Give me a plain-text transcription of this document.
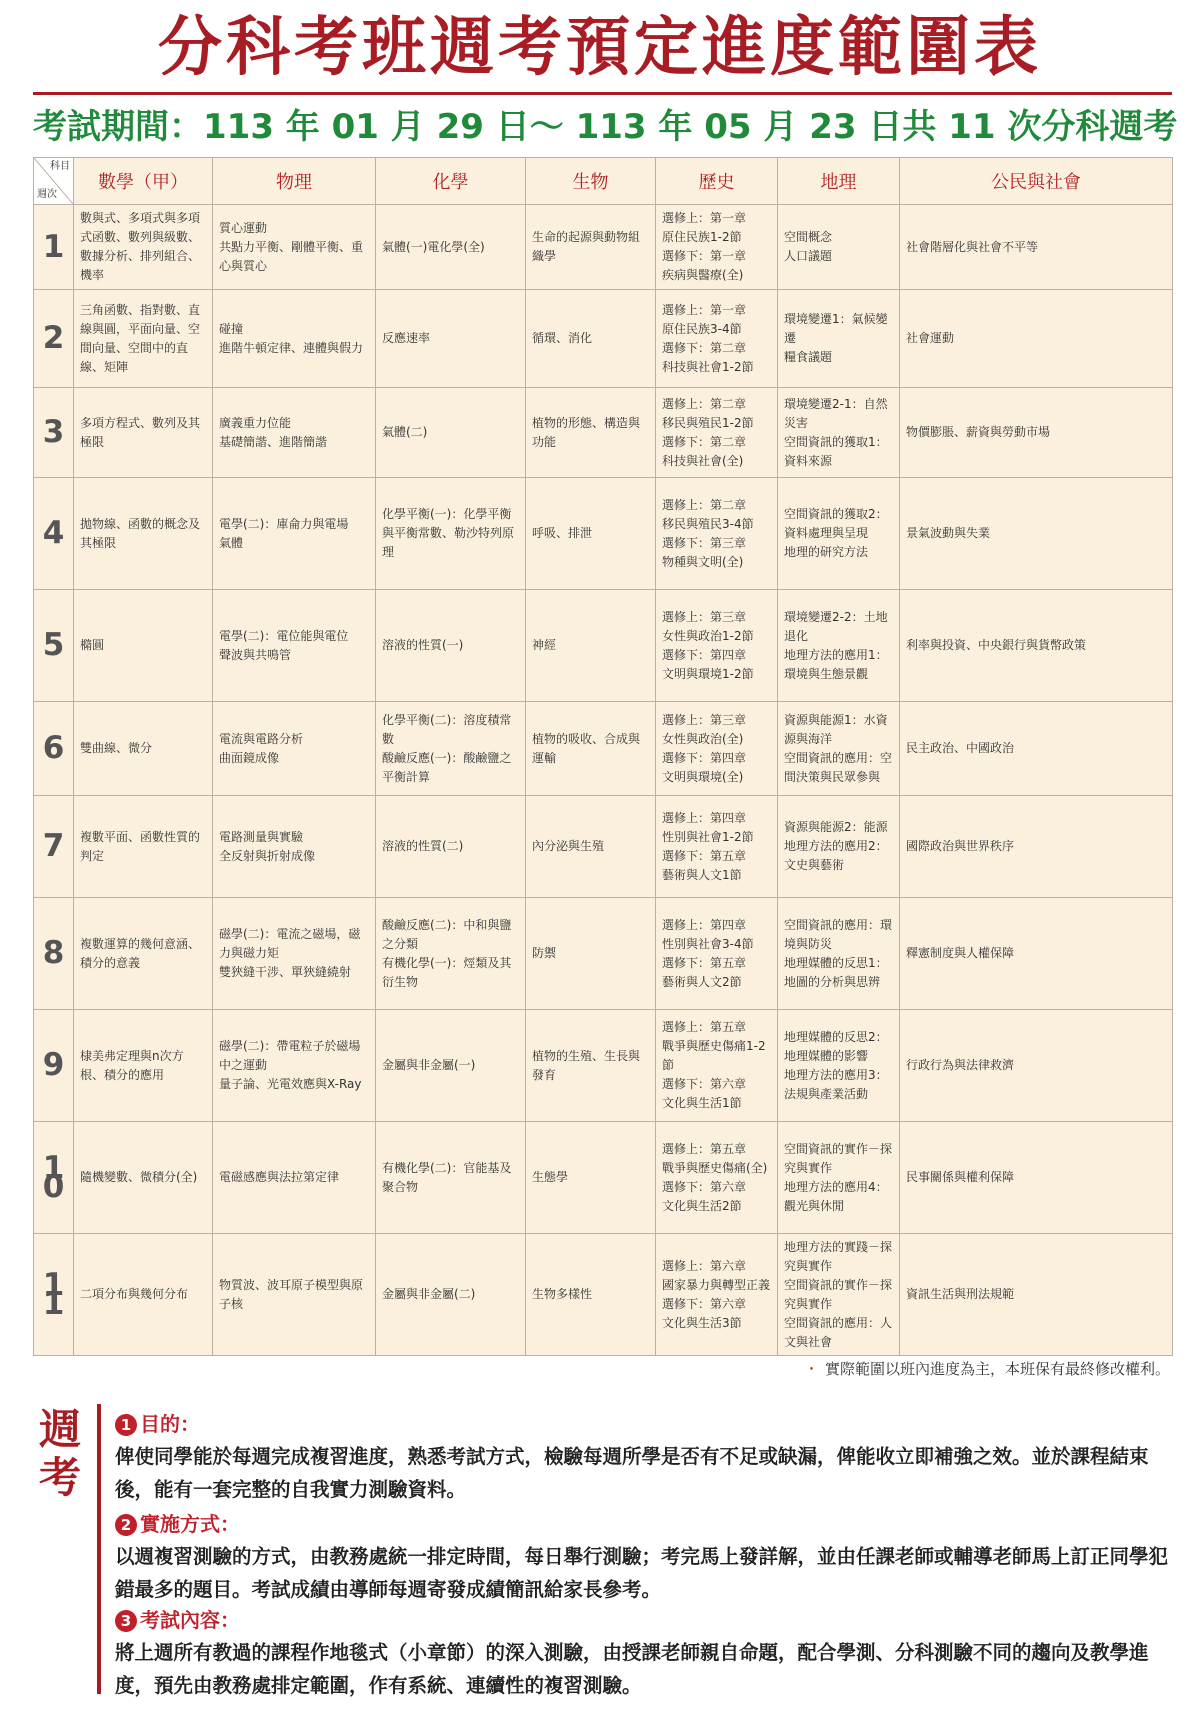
分科考班週考預定進度範圍表
考試期間：113 年 01 月 29 日～ 113 年 05 月 23 日共 11 次分科週考
科目
週次	數學（甲）	物理	化學	生物	歷史	地理	公民與社會
1	數與式、多項式與多項式函數、數列與級數、數據分析、排列組合、機率	質心運動
共點力平衡、剛體平衡、重心與質心	氣體(一)電化學(全)	生命的起源與動物組織學	選修上：第一章
原住民族1-2節
選修下：第一章
疾病與醫療(全)	空間概念
人口議題	社會階層化與社會不平等

2	三角函數、指對數、直線與圓，平面向量、空間向量、空間中的直線、矩陣	碰撞
進階牛頓定律、連體與假力	反應速率	循環、消化	選修上：第一章
原住民族3-4節
選修下：第二章
科技與社會1-2節	環境變遷1：氣候變遷
糧食議題	社會運動

3	多項方程式、數列及其極限	廣義重力位能
基礎簡諧、進階簡諧	氣體(二)	植物的形態、構造與功能	選修上：第二章
移民與殖民1-2節
選修下：第二章
科技與社會(全)	環境變遷2-1：自然災害
空間資訊的獲取1：資料來源	物價膨脹、薪資與勞動市場

4	拋物線、函數的概念及其極限	電學(二)：庫侖力與電場
氣體	化學平衡(一)：化學平衡與平衡常數、勒沙特列原理	呼吸、排泄	選修上：第二章
移民與殖民3-4節
選修下：第三章
物種與文明(全)	空間資訊的獲取2：資料處理與呈現
地理的研究方法	景氣波動與失業

5	橢圓	電學(二)：電位能與電位
聲波與共鳴管	溶液的性質(一)	神經	選修上：第三章
女性與政治1-2節
選修下：第四章
文明與環境1-2節	環境變遷2-2：土地退化
地理方法的應用1：環境與生態景觀	利率與投資、中央銀行與貨幣政策

6	雙曲線、微分	電流與電路分析
曲面鏡成像	化學平衡(二)：溶度積常數
酸鹼反應(一)：酸鹼鹽之平衡計算	植物的吸收、合成與運輸	選修上：第三章
女性與政治(全)
選修下：第四章
文明與環境(全)	資源與能源1：水資源與海洋
空間資訊的應用：空間決策與民眾參與	民主政治、中國政治

7	複數平面、函數性質的判定	電路測量與實驗
全反射與折射成像	溶液的性質(二)	內分泌與生殖	選修上：第四章
性別與社會1-2節
選修下：第五章
藝術與人文1節	資源與能源2：能源
地理方法的應用2：文史與藝術	國際政治與世界秩序

8	複數運算的幾何意涵、積分的意義	磁學(二)：電流之磁場，磁力與磁力矩
雙狹縫干涉、單狹縫繞射	酸鹼反應(二)：中和與鹽之分類
有機化學(一)：烴類及其衍生物	防禦	選修上：第四章
性別與社會3-4節
選修下：第五章
藝術與人文2節	空間資訊的應用：環境與防災
地理媒體的反思1：地圖的分析與思辨	釋憲制度與人權保障

9	棣美弗定理與n次方根、積分的應用	磁學(二)：帶電粒子於磁場中之運動
量子論、光電效應與X-Ray	金屬與非金屬(一)	植物的生殖、生長與發育	選修上：第五章
戰爭與歷史傷痛1-2節
選修下：第六章
文化與生活1節	地理媒體的反思2：地理媒體的影響
地理方法的應用3：法規與產業活動	行政行為與法律救濟

10	隨機變數、微積分(全)	電磁感應與法拉第定律	有機化學(二)：官能基及聚合物	生態學	選修上：第五章
戰爭與歷史傷痛(全)
選修下：第六章
文化與生活2節	空間資訊的實作－探究與實作
地理方法的應用4：觀光與休閒	民事關係與權利保障

11	二項分布與幾何分布	物質波、波耳原子模型與原子核	金屬與非金屬(二)	生物多樣性	選修上：第六章
國家暴力與轉型正義
選修下：第六章
文化與生活3節	地理方法的實踐－探究與實作
空間資訊的實作－探究與實作
空間資訊的應用：人文與社會	資訊生活與刑法規範
・ 實際範圍以班內進度為主，本班保有最終修改權利。
週
考
1 目的：
俾使同學能於每週完成複習進度，熟悉考試方式，檢驗每週所學是否有不足或缺漏，俾能收立即補強之效。並於課程結束後，能有一套完整的自我實力測驗資料。
2 實施方式：
以週複習測驗的方式，由教務處統一排定時間，每日舉行測驗；考完馬上發詳解，並由任課老師或輔導老師馬上訂正同學犯錯最多的題目。考試成績由導師每週寄發成績簡訊給家長參考。
3 考試內容：
將上週所有教過的課程作地毯式（小章節）的深入測驗，由授課老師親自命題，配合學測、分科測驗不同的趨向及教學進度，預先由教務處排定範圍，作有系統、連續性的複習測驗。
